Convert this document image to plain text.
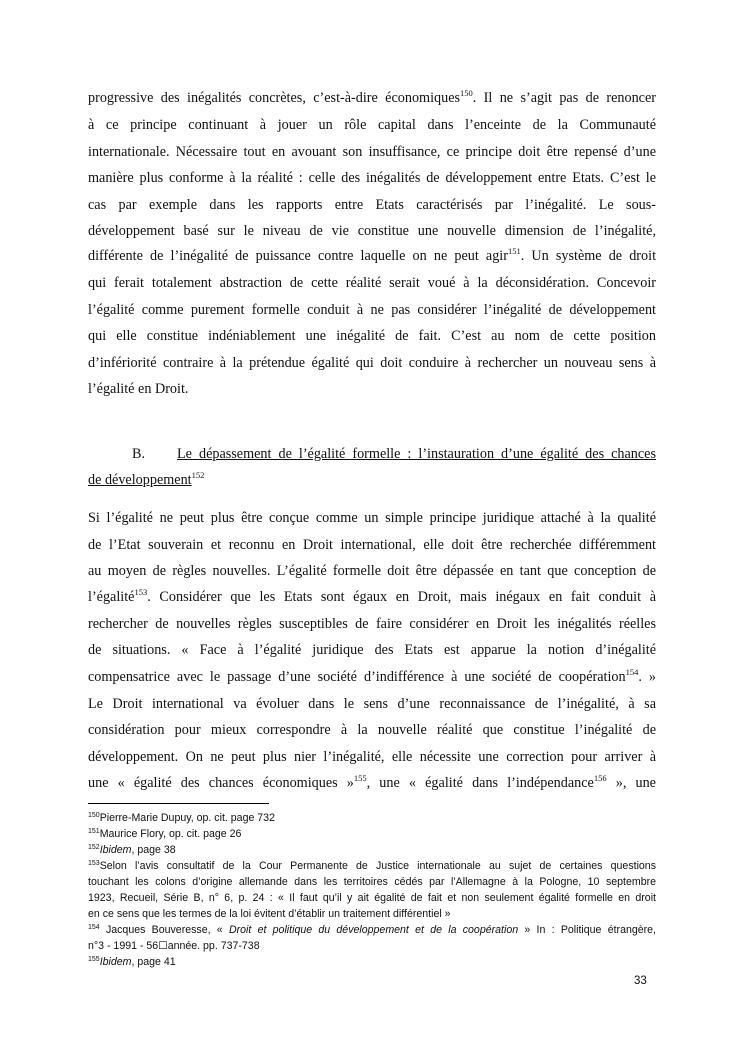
progressive des inégalités concrètes, c’est-à-dire économiques$^{150}$. Il ne s’agit pas de renoncer
à ce principe continuant à jouer un rôle capital dans l’enceinte de la Communauté
internationale. Nécessaire tout en avouant son insuffisance, ce principe doit être repensé d’une
manière plus conforme à la réalité : celle des inégalités de développement entre Etats. C’est le
cas par exemple dans les rapports entre Etats caractérisés par l’inégalité. Le sous-
développement basé sur le niveau de vie constitue une nouvelle dimension de l’inégalité,
différente de l’inégalité de puissance contre laquelle on ne peut agir$^{151}$. Un système de droit
qui ferait totalement abstraction de cette réalité serait voué à la déconsidération. Concevoir
l’égalité comme purement formelle conduit à ne pas considérer l’inégalité de développement
qui elle constitue indéniablement une inégalité de fait. C’est au nom de cette position
d’infériorité contraire à la prétendue égalité qui doit conduire à rechercher un nouveau sens à
l’égalité en Droit.
B. Le dépassement de l’égalité formelle : l’instauration d’une égalité des chances
de développement$^{152}$
Si l’égalité ne peut plus être conçue comme un simple principe juridique attaché à la qualité
de l’Etat souverain et reconnu en Droit international, elle doit être recherchée différemment
au moyen de règles nouvelles. L’égalité formelle doit être dépassée en tant que conception de
l’égalité$^{153}$. Considérer que les Etats sont égaux en Droit, mais inégaux en fait conduit à
rechercher de nouvelles règles susceptibles de faire considérer en Droit les inégalités réelles
de situations. « Face à l’égalité juridique des Etats est apparue la notion d’inégalité
compensatrice avec le passage d’une société d’indifférence à une société de coopération$^{154}$. »
Le Droit international va évoluer dans le sens d’une reconnaissance de l’inégalité, à sa
considération pour mieux correspondre à la nouvelle réalité que constitue l’inégalité de
développement. On ne peut plus nier l’inégalité, elle nécessite une correction pour arriver à
une « égalité des chances économiques »$^{155}$, une « égalité dans l’indépendance$^{156}$ », une
$^{150}$Pierre-Marie Dupuy, op. cit. page 732
$^{151}$Maurice Flory, op. cit. page 26
$^{152}$Ibidem, page 38
$^{153}$Selon l’avis consultatif de la Cour Permanente de Justice internationale au sujet de certaines questions
touchant les colons d’origine allemande dans les territoires cédés par l’Allemagne à la Pologne, 10 septembre
1923, Recueil, Série B, n° 6, p. 24 : « Il faut qu’il y ait égalité de fait et non seulement égalité formelle en droit
en ce sens que les termes de la loi évitent d’établir un traitement différentiel »
$^{154}$ Jacques Bouveresse, « Droit et politique du développement et de la coopération » In : Politique étrangère,
n°3 - 1991 - 56☐année. pp. 737-738
$^{155}$Ibidem, page 41
33
